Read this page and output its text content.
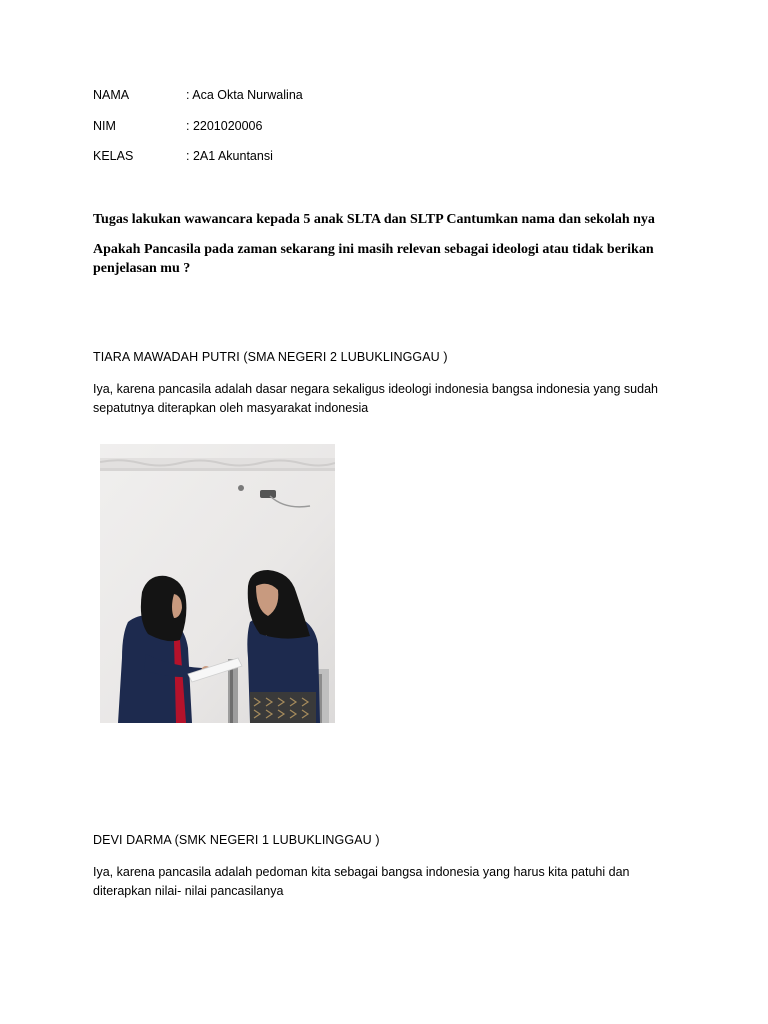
NAMA	: Aca Okta Nurwalina
NIM	: 2201020006
KELAS	: 2A1 Akuntansi
Tugas lakukan wawancara kepada 5 anak SLTA dan SLTP Cantumkan nama dan sekolah nya
Apakah Pancasila pada zaman sekarang ini masih relevan sebagai ideologi atau tidak berikan penjelasan mu ?
TIARA MAWADAH PUTRI (SMA NEGERI 2 LUBUKLINGGAU )
Iya, karena pancasila adalah dasar negara sekaligus ideologi indonesia bangsa indonesia yang sudah sepatutnya diterapkan oleh masyarakat indonesia
DEVI DARMA (SMK NEGERI 1 LUBUKLINGGAU )
Iya, karena pancasila adalah pedoman kita sebagai bangsa indonesia yang harus kita patuhi dan diterapkan nilai- nilai pancasilanya
